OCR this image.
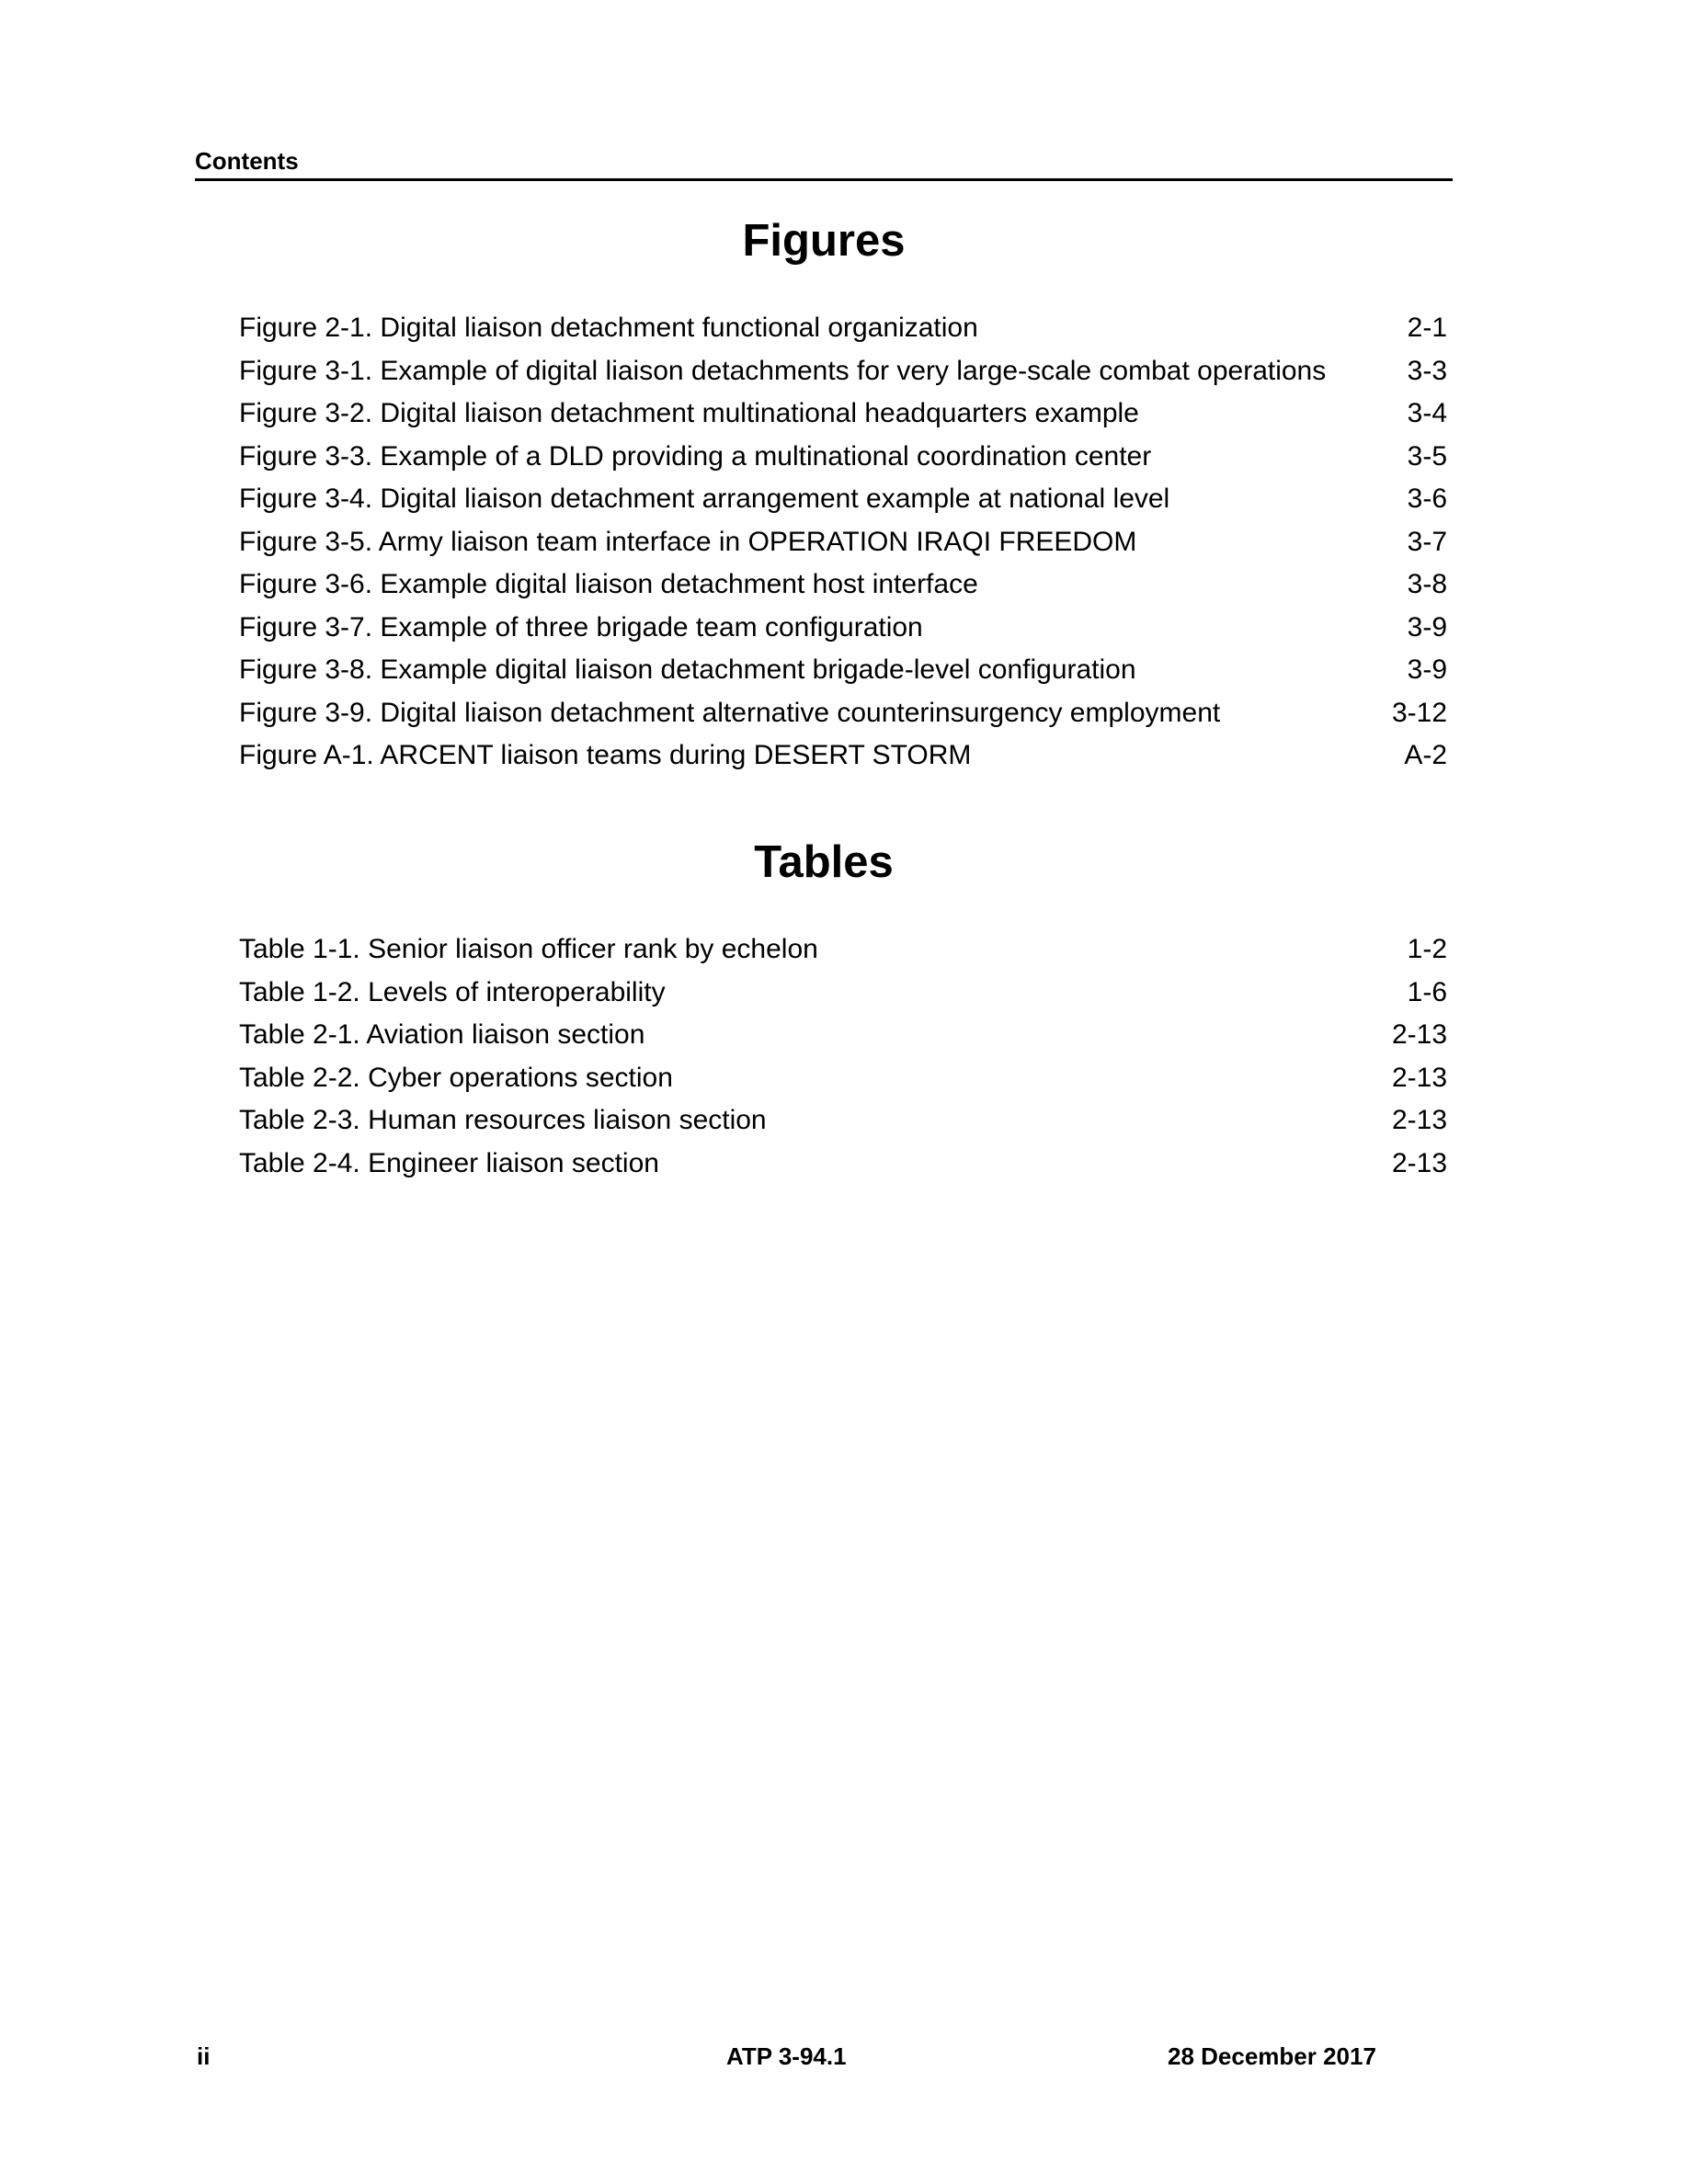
Contents
Figures
Figure 2-1. Digital liaison detachment functional organization	2-1
Figure 3-1. Example of digital liaison detachments for very large-scale combat operations	3-3
Figure 3-2. Digital liaison detachment multinational headquarters example	3-4
Figure 3-3. Example of a DLD providing a multinational coordination center	3-5
Figure 3-4. Digital liaison detachment arrangement example at national level	3-6
Figure 3-5. Army liaison team interface in OPERATION IRAQI FREEDOM	3-7
Figure 3-6. Example digital liaison detachment host interface	3-8
Figure 3-7. Example of three brigade team configuration	3-9
Figure 3-8. Example digital liaison detachment brigade-level configuration	3-9
Figure 3-9. Digital liaison detachment alternative counterinsurgency employment	3-12
Figure A-1. ARCENT liaison teams during DESERT STORM	A-2
Tables
Table 1-1. Senior liaison officer rank by echelon	1-2
Table 1-2. Levels of interoperability	1-6
Table 2-1. Aviation liaison section	2-13
Table 2-2. Cyber operations section	2-13
Table 2-3. Human resources liaison section	2-13
Table 2-4. Engineer liaison section	2-13
ii	ATP 3-94.1	28 December 2017
